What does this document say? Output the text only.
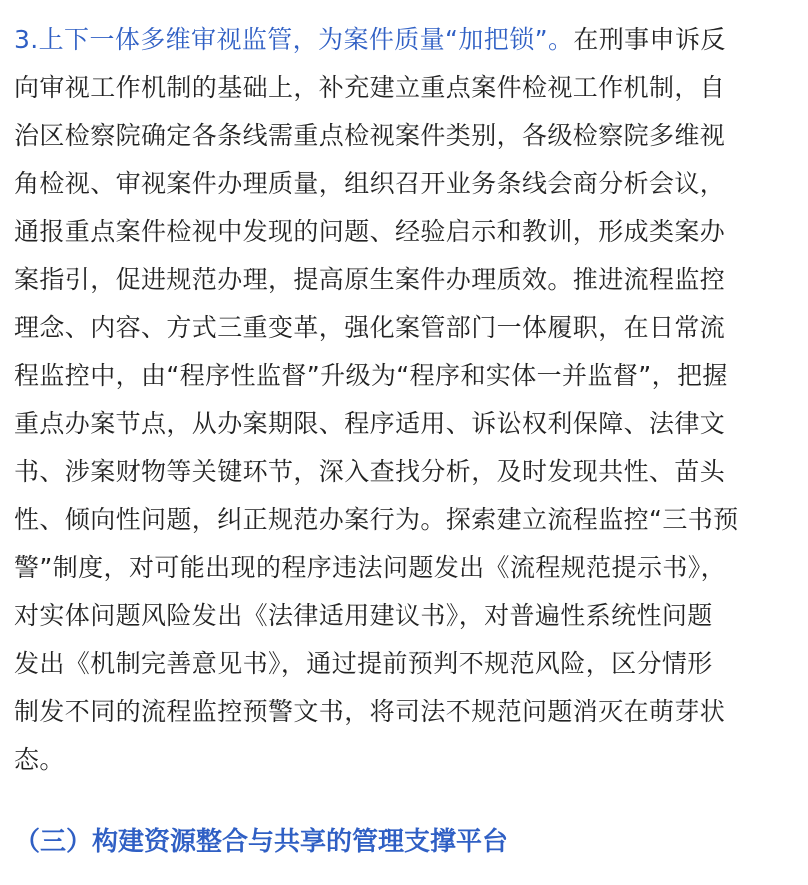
3.上下一体多维审视监管，为案件质量“加把锁”。在刑事申诉反
向审视工作机制的基础上，补充建立重点案件检视工作机制，自
治区检察院确定各条线需重点检视案件类别，各级检察院多维视
角检视、审视案件办理质量，组织召开业务条线会商分析会议，
通报重点案件检视中发现的问题、经验启示和教训，形成类案办
案指引，促进规范办理，提高原生案件办理质效。推进流程监控
理念、内容、方式三重变革，强化案管部门一体履职，在日常流
程监控中，由“程序性监督”升级为“程序和实体一并监督”，把握
重点办案节点，从办案期限、程序适用、诉讼权利保障、法律文
书、涉案财物等关键环节，深入查找分析，及时发现共性、苗头
性、倾向性问题，纠正规范办案行为。探索建立流程监控“三书预
警”制度，对可能出现的程序违法问题发出《流程规范提示书》，
对实体问题风险发出《法律适用建议书》，对普遍性系统性问题
发出《机制完善意见书》，通过提前预判不规范风险，区分情形
制发不同的流程监控预警文书，将司法不规范问题消灭在萌芽状
态。

（三）构建资源整合与共享的管理支撑平台
